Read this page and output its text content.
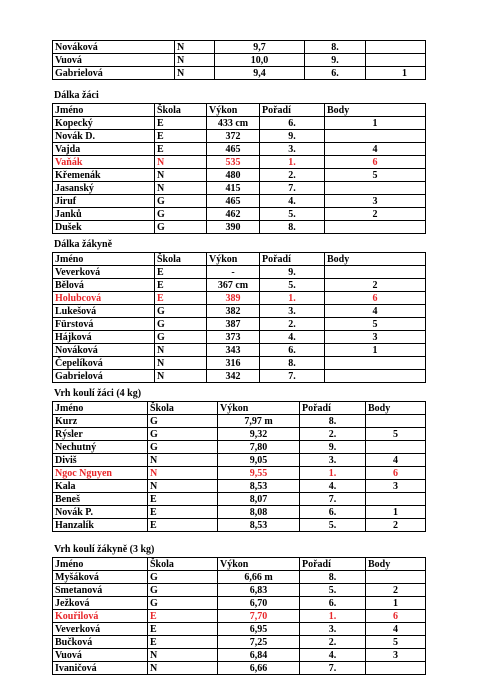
Nováková	N	9,7	8.	
Vuová	N	10,0	9.	
Gabrielová	N	9,4	6.	1
Dálka žáci
Jméno	Škola	Výkon	Pořadí	Body
Kopecký	E	433 cm	6.	1
Novák D.	E	372	9.	
Vajda	E	465	3.	4
Vaňák	N	535	1.	6
Křemenák	N	480	2.	5
Jasanský	N	415	7.	
Jiruf	G	465	4.	3
Janků	G	462	5.	2
Dušek	G	390	8.	
Dálka žákyně
Jméno	Škola	Výkon	Pořadí	Body
Veverková	E	-	9.	
Bělová	E	367 cm	5.	2
Holubcová	E	389	1.	6
Lukešová	G	382	3.	4
Fürstová	G	387	2.	5
Hájková	G	373	4.	3
Nováková	N	343	6.	1
Čepelíková	N	316	8.	
Gabrielová	N	342	7.	
Vrh koulí žáci (4 kg)
Jméno	Škola	Výkon	Pořadí	Body
Kurz	G	7,97 m	8.	
Rýsler	G	9,32	2.	5
Nechutný	G	7,80	9.	
Diviš	N	9,05	3.	4
Ngoc Nguyen	N	9,55	1.	6
Kala	N	8,53	4.	3
Beneš	E	8,07	7.	
Novák P.	E	8,08	6.	1
Hanzalík	E	8,53	5.	2
Vrh koulí žákyně (3 kg)
Jméno	Škola	Výkon	Pořadí	Body
Myšáková	G	6,66 m	8.	
Smetanová	G	6,83	5.	2
Ježková	G	6,70	6.	1
Kouřilová	E	7,70	1.	6
Veverková	E	6,95	3.	4
Bučková	E	7,25	2.	5
Vuová	N	6,84	4.	3
Ivaničová	N	6,66	7.	
